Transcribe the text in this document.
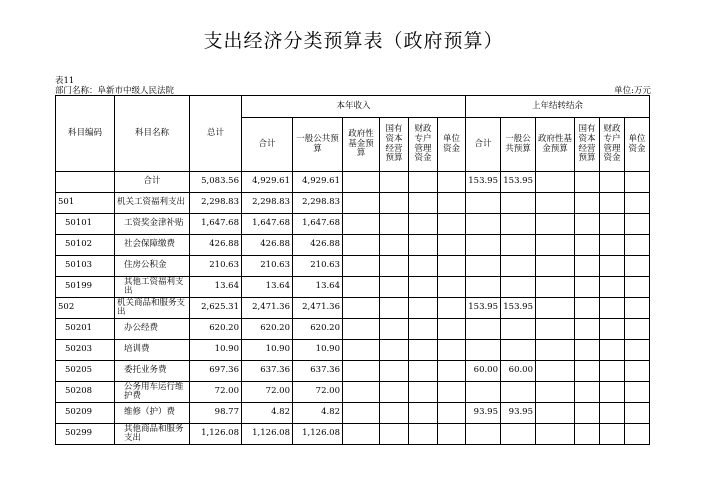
支出经济分类预算表（政府预算）
表11
部门名称：阜新市中级人民法院	单位:万元
科目编码	科目名称	总计	本年收入						上年结转结余					
			合计	一般公共预算	政府性基金预算	国有资本经营预算	财政专户管理资金	单位资金	合计	一般公共预算	政府性基金预算	国有资本经营预算	财政专户管理资金	单位资金
	合计	5,083.56	4,929.61	4,929.61					153.95	153.95				
501	机关工资福利支出	2,298.83	2,298.83	2,298.83										
50101	工资奖金津补贴	1,647.68	1,647.68	1,647.68										
50102	社会保障缴费	426.88	426.88	426.88										
50103	住房公积金	210.63	210.63	210.63										
50199	其他工资福利支出	13.64	13.64	13.64										
502	机关商品和服务支出	2,625.31	2,471.36	2,471.36					153.95	153.95				
50201	办公经费	620.20	620.20	620.20										
50203	培训费	10.90	10.90	10.90										
50205	委托业务费	697.36	637.36	637.36					60.00	60.00				
50208	公务用车运行维护费	72.00	72.00	72.00										
50209	维修（护）费	98.77	4.82	4.82					93.95	93.95				
50299	其他商品和服务支出	1,126.08	1,126.08	1,126.08										
